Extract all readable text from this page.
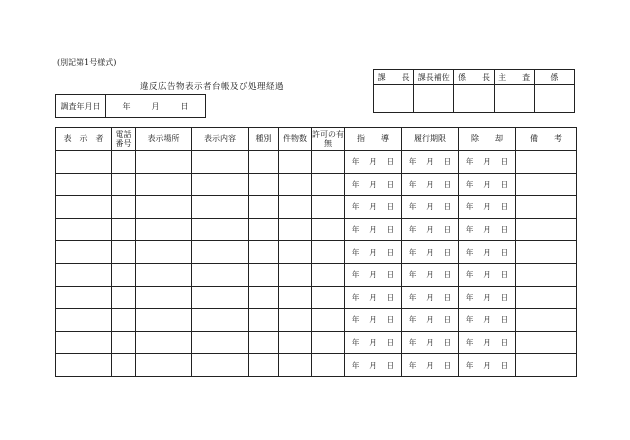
(別記第1号様式)
違反広告物表示者台帳及び処理経過
調査年月日	年	月	日
課　　長	課長補佐	係　　長	主　　査	係

表　示　者	電話番号	表示場所	表示内容	種別	件物数	許可の有　無	指　　導	履行期限	除　　却	備　　考

							年 月 日	年 月 日	年 月 日	

							年 月 日	年 月 日	年 月 日	

							年 月 日	年 月 日	年 月 日	

							年 月 日	年 月 日	年 月 日	

							年 月 日	年 月 日	年 月 日	

							年 月 日	年 月 日	年 月 日	

							年 月 日	年 月 日	年 月 日	

							年 月 日	年 月 日	年 月 日	

							年 月 日	年 月 日	年 月 日	

							年 月 日	年 月 日	年 月 日	
